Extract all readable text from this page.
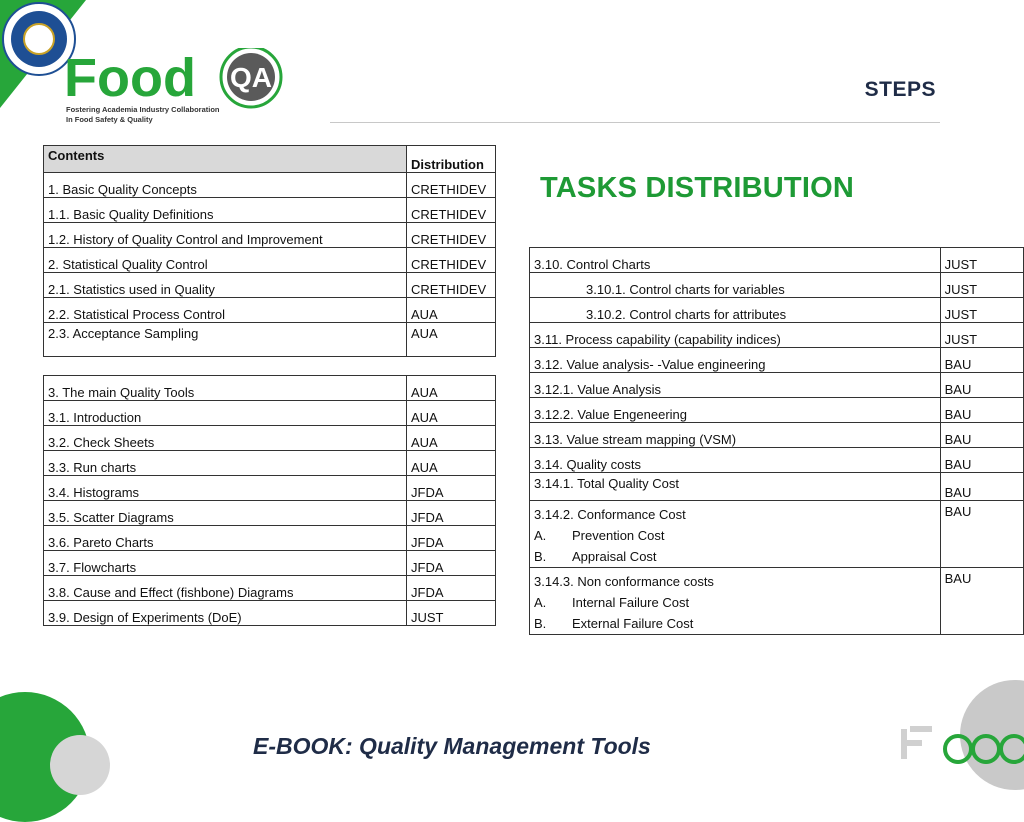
Food QA
Fostering Academia Industry Collaboration
In Food Safety & Quality
STEPS
TASKS DISTRIBUTION
Contents	Distribution
1. Basic Quality Concepts	CRETHIDEV
1.1. Basic Quality Definitions	CRETHIDEV
1.2. History of Quality Control and Improvement	CRETHIDEV
2. Statistical Quality Control	CRETHIDEV
2.1. Statistics used in Quality	CRETHIDEV
2.2. Statistical Process Control	AUA
2.3. Acceptance Sampling	AUA
3. The main Quality Tools	AUA
3.1. Introduction	AUA
3.2. Check Sheets	AUA
3.3. Run charts	AUA
3.4. Histograms	JFDA
3.5. Scatter Diagrams	JFDA
3.6. Pareto Charts	JFDA
3.7. Flowcharts	JFDA
3.8. Cause and Effect (fishbone) Diagrams	JFDA
3.9. Design of Experiments (DoE)	JUST
3.10. Control Charts	JUST
3.10.1. Control charts for variables	JUST
3.10.2. Control charts for attributes	JUST
3.11. Process capability (capability indices)	JUST
3.12. Value analysis- -Value engineering	BAU
3.12.1. Value Analysis	BAU
3.12.2. Value Engeneering	BAU
3.13. Value stream mapping (VSM)	BAU
3.14. Quality costs	BAU
3.14.1. Total Quality Cost	BAU

3.14.2. Conformance Cost
A. Prevention Cost
B. Appraisal Cost	BAU

3.14.3. Non conformance costs
A. Internal Failure Cost
B. External Failure Cost	BAU
E-BOOK: Quality Management Tools
